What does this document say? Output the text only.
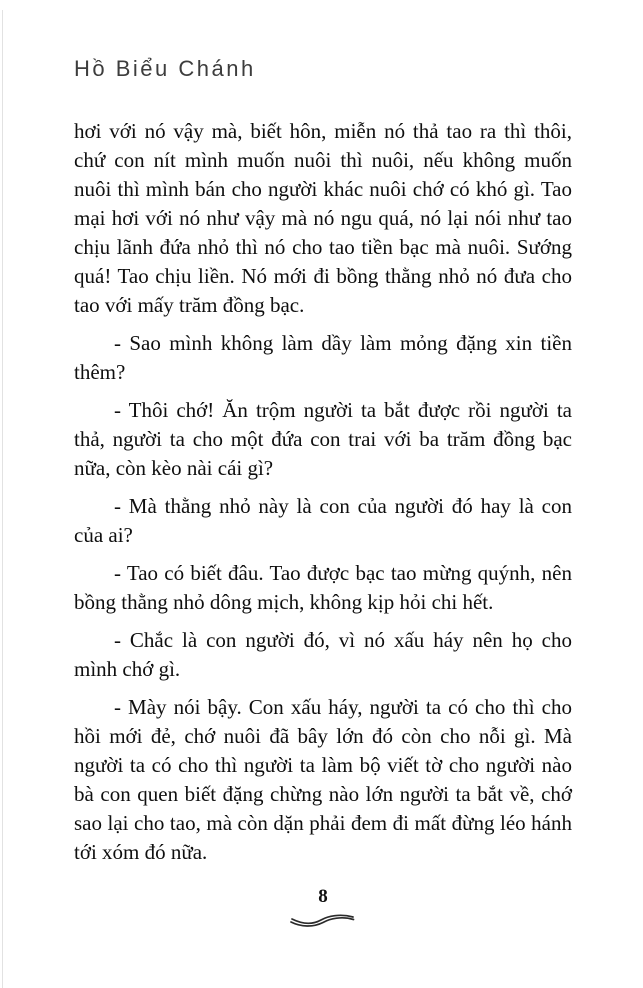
Hồ Biểu Chánh

hơi với nó vậy mà, biết hôn, miễn nó thả tao ra thì thôi, chứ con nít mình muốn nuôi thì nuôi, nếu không muốn nuôi thì mình bán cho người khác nuôi chớ có khó gì. Tao mại hơi với nó như vậy mà nó ngu quá, nó lại nói như tao chịu lãnh đứa nhỏ thì nó cho tao tiền bạc mà nuôi. Sướng quá! Tao chịu liền. Nó mới đi bồng thằng nhỏ nó đưa cho tao với mấy trăm đồng bạc.

- Sao mình không làm dầy làm mỏng đặng xin tiền thêm?

- Thôi chớ! Ăn trộm người ta bắt được rồi người ta thả, người ta cho một đứa con trai với ba trăm đồng bạc nữa, còn kèo nài cái gì?

- Mà thằng nhỏ này là con của người đó hay là con của ai?

- Tao có biết đâu. Tao được bạc tao mừng quýnh, nên bồng thằng nhỏ dông mịch, không kịp hỏi chi hết.

- Chắc là con người đó, vì nó xấu háy nên họ cho mình chớ gì.

- Mày nói bậy. Con xấu háy, người ta có cho thì cho hồi mới đẻ, chớ nuôi đã bây lớn đó còn cho nỗi gì. Mà người ta có cho thì người ta làm bộ viết tờ cho người nào bà con quen biết đặng chừng nào lớn người ta bắt về, chớ sao lại cho tao, mà còn dặn phải đem đi mất đừng léo hánh tới xóm đó nữa.

8
